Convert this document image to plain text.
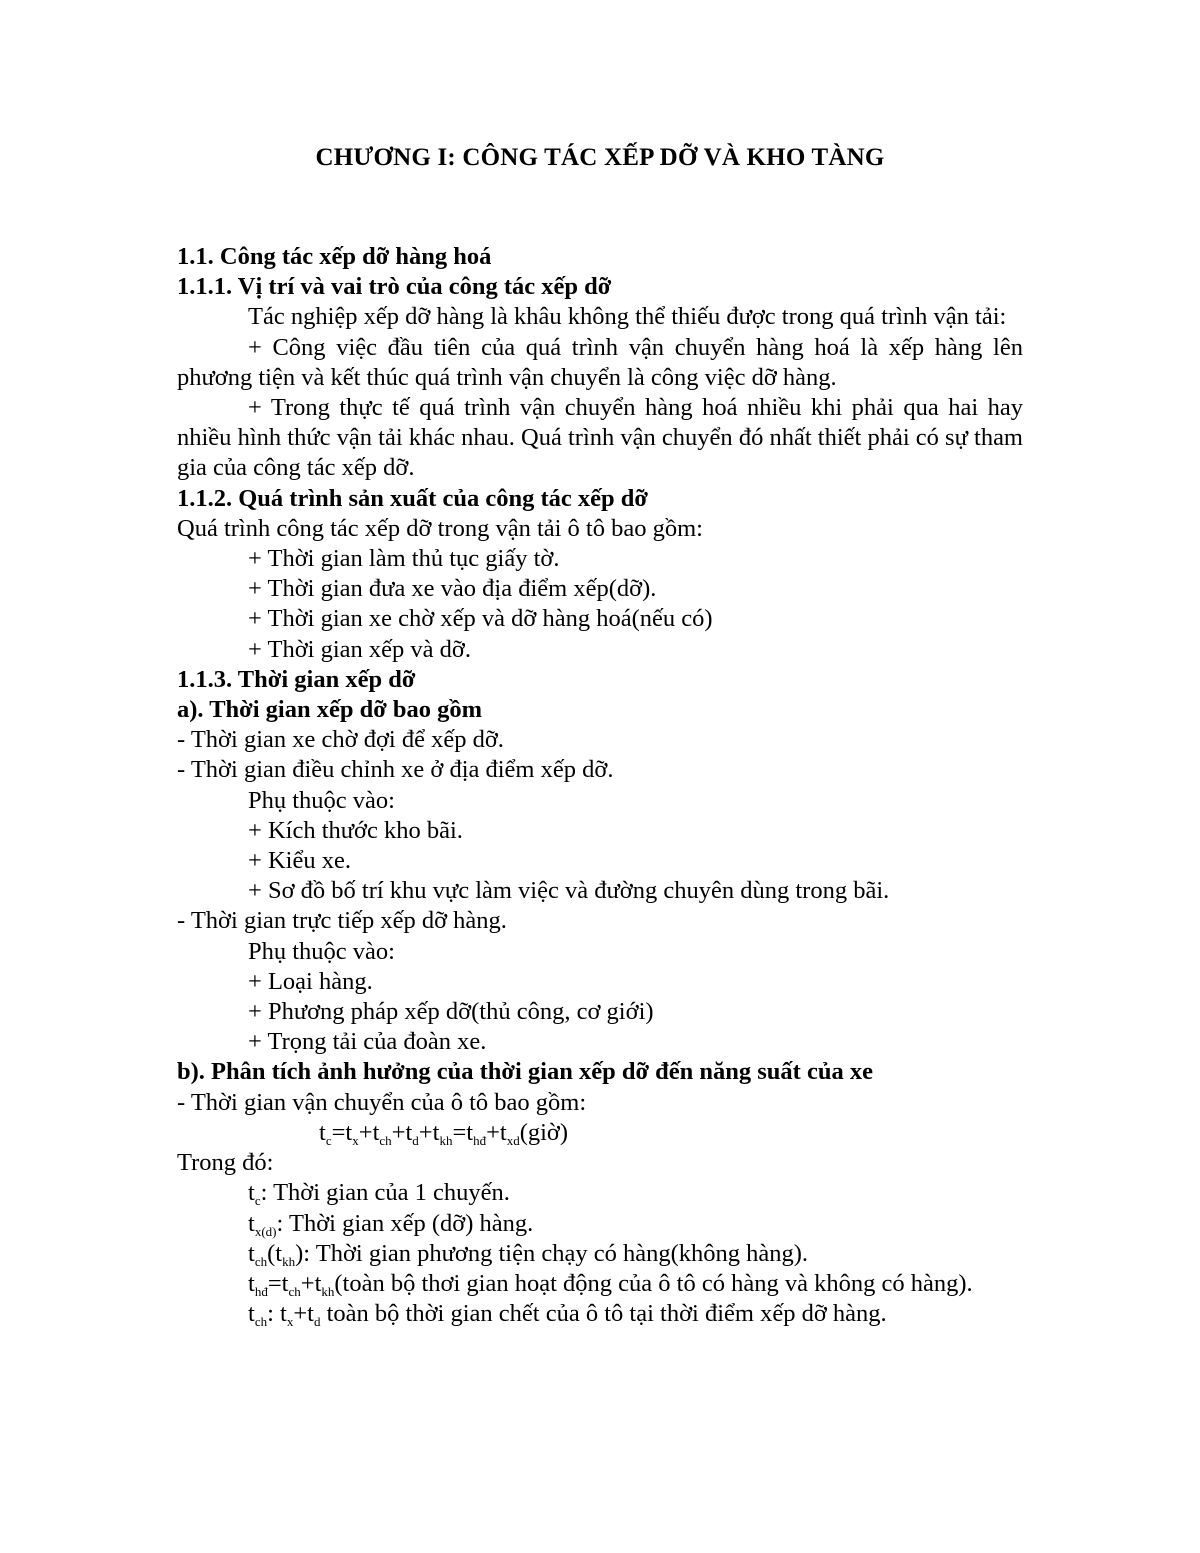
CHƯƠNG I: CÔNG TÁC XẾP DỠ VÀ KHO TÀNG

1.1. Công tác xếp dỡ hàng hoá

1.1.1. Vị trí và vai trò của công tác xếp dỡ

Tác nghiệp xếp dỡ hàng là khâu không thể thiếu được trong quá trình vận tải:

+ Công việc đầu tiên của quá trình vận chuyển hàng hoá là xếp hàng lên phương tiện và kết thúc quá trình vận chuyển là công việc dỡ hàng.

+ Trong thực tế quá trình vận chuyển hàng hoá nhiều khi phải qua hai hay nhiều hình thức vận tải khác nhau. Quá trình vận chuyển đó nhất thiết phải có sự tham gia của công tác xếp dỡ.

1.1.2. Quá trình sản xuất của công tác xếp dỡ

Quá trình công tác xếp dỡ trong vận tải ô tô bao gồm:

+ Thời gian làm thủ tục giấy tờ.

+ Thời gian đưa xe vào địa điểm xếp(dỡ).

+ Thời gian xe chờ xếp và dỡ hàng hoá(nếu có)

+ Thời gian xếp và dỡ.

1.1.3. Thời gian xếp dỡ

a). Thời gian xếp dỡ bao gồm

- Thời gian xe chờ đợi để xếp dỡ.

- Thời gian điều chỉnh xe ở địa điểm xếp dỡ.

Phụ thuộc vào:

+ Kích thước kho bãi.

+ Kiểu xe.

+ Sơ đồ bố trí khu vực làm việc và đường chuyên dùng trong bãi.

- Thời gian trực tiếp xếp dỡ hàng.

Phụ thuộc vào:

+ Loại hàng.

+ Phương pháp xếp dỡ(thủ công, cơ giới)

+ Trọng tải của đoàn xe.

b). Phân tích ảnh hưởng của thời gian xếp dỡ đến năng suất của xe

- Thời gian vận chuyển của ô tô bao gồm:

$t_c=t_x+t_{ch}+t_d+t_{kh}=t_{hđ}+t_{xd}(giờ)$

Trong đó:

$t_c$: Thời gian của 1 chuyến.

$t_{x(d)}$: Thời gian xếp (dỡ) hàng.

$t_{ch}(t_{kh})$: Thời gian phương tiện chạy có hàng(không hàng).

$t_{hđ}=t_{ch}+t_{kh}(toàn$ bộ thơi gian hoạt động của ô tô có hàng và không có hàng).

$t_{ch}$: $t_x+t_d$ toàn bộ thời gian chết của ô tô tại thời điểm xếp dỡ hàng.
